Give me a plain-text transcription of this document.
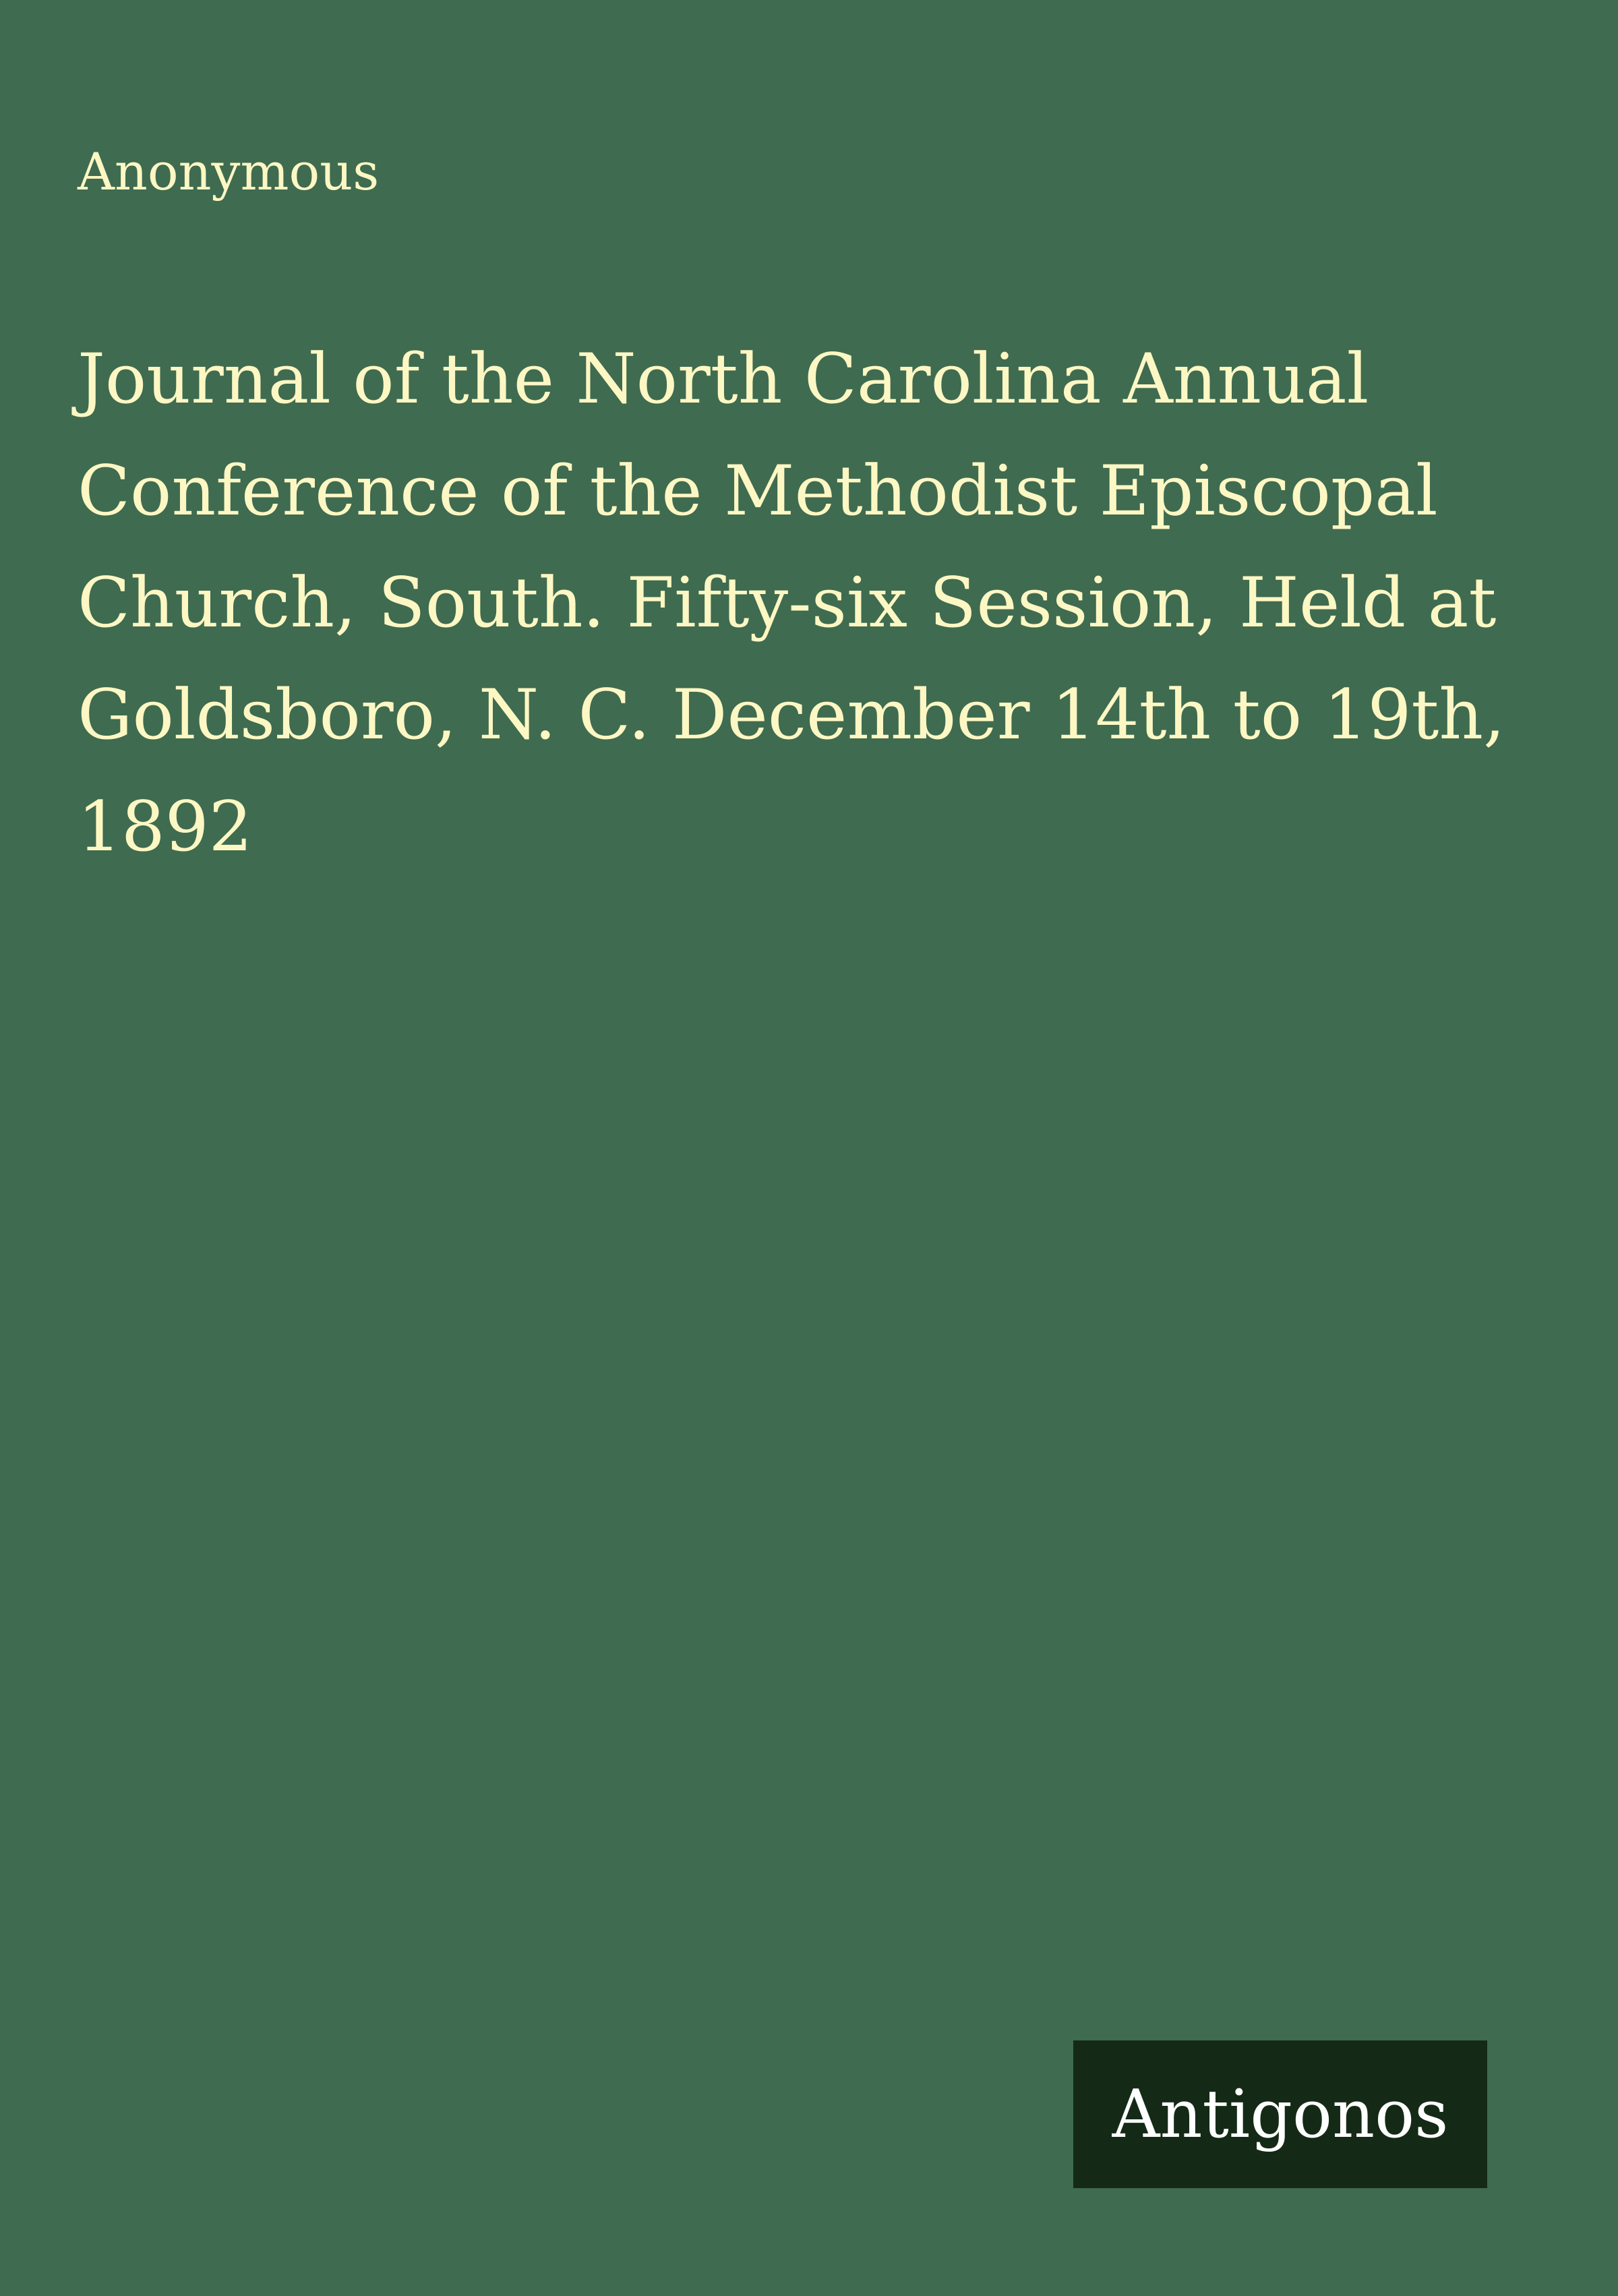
Anonymous

Journal of the North Carolina Annual Conference of the Methodist Episcopal Church, South. Fifty-six Session, Held at Goldsboro, N. C. December 14th to 19th, 1892
Antigonos
